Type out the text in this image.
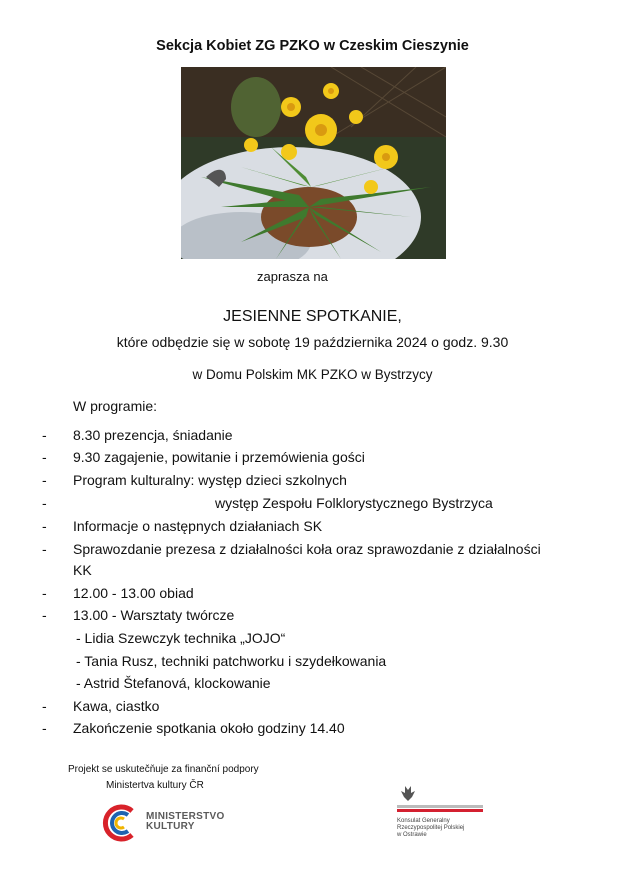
Sekcja Kobiet ZG PZKO w Czeskim Cieszynie
zaprasza na
JESIENNE SPOTKANIE,
które odbędzie się w sobotę 19 października 2024 o godz. 9.30
w Domu Polskim MK PZKO w Bystrzycy
W programie:
- 8.30 prezencja, śniadanie
- 9.30 zagajenie, powitanie i przemówienia gości
- Program kulturalny: występ dzieci szkolnych
-	występ Zespołu Folklorystycznego Bystrzyca
- Informacje o następnych działaniach SK
- Sprawozdanie prezesa z działalności koła oraz sprawozdanie z działalności
KK
- 12.00 - 13.00 obiad
- 13.00 - Warsztaty twórcze
- Lidia Szewczyk technika „JOJO“
- Tania Rusz, techniki patchworku i szydełkowania
- Astrid Štefanová, klockowanie
- Kawa, ciastko
- Zakończenie spotkania około godziny 14.40
Projekt se uskutečňuje za finanční podpory
Ministertva kultury ČR
MINISTERSTVO
KULTURY	Konsulat Generalny
Rzeczypospolitej Polskiej
w Ostrawie
